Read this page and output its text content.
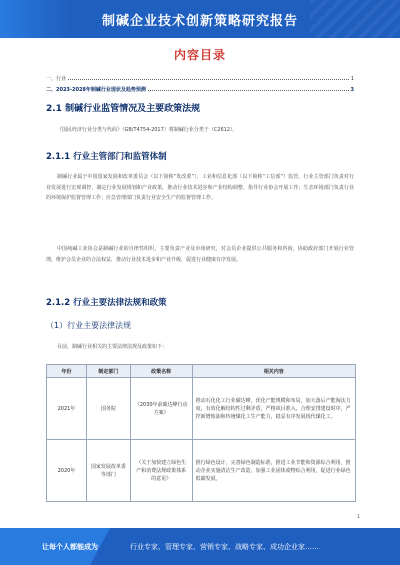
制碱企业技术创新策略研究报告
内容目录
一、行业	1
二、2023-2028年制碱行业现状及趋势预测	3
2.1 制碱行业监管情况及主要政策法规

《国民经济行业分类与代码》（GB/T4754-2017）将制碱行业分类于（C2612）。

2.1.1 行业主管部门和监管体制

制碱行业属于中国国家发展和改革委员会（以下简称“发改委”）、工业和信息化部（以下简称“工信部”）监管，行业主管部门负责对行业发展进行宏观调控，制定行业发展规划和产业政策，推动行业技术进步和产业结构调整，指导行业协会开展工作；生态环境部门负责行业的环境保护监督管理工作；应急管理部门负责行业安全生产的监督管理工作。

中国纯碱工业协会是制碱行业的自律性组织，主要负责产业及市场研究，对会员企业提供公共服务和咨询，协助政府部门开展行业管理，维护会员企业的合法权益，推动行业技术进步和产业升级，促进行业健康有序发展。

2.1.2 行业主要法律法规和政策
（1）行业主要法律法规

目前，制碱行业相关的主要法律法规及政策如下：

年份	制定部门	政策名称	相关内容
2021年	国务院	《2030年前碳达峰行动方案》	推动石化化工行业碳达峰，优化产能规模和布局，加大落后产能淘汰力度，有效化解结构性过剩矛盾，严格项目准入，合理安排建设时序，严控新增炼油和传统煤化工生产能力，稳妥有序发展现代煤化工。
2020年	国家发展改革委等部门	《关于加快建立绿色生产和消费法规政策体系的意见》	推行绿色设计，完善绿色制造标准，推进工业节能和资源综合利用，推动企业实施清洁生产改造，加强工业固体废物综合利用，促进行业绿色低碳发展。
1
让每个人都能成为	行业专家、管理专家、营销专家、战略专家、成功企业家……
